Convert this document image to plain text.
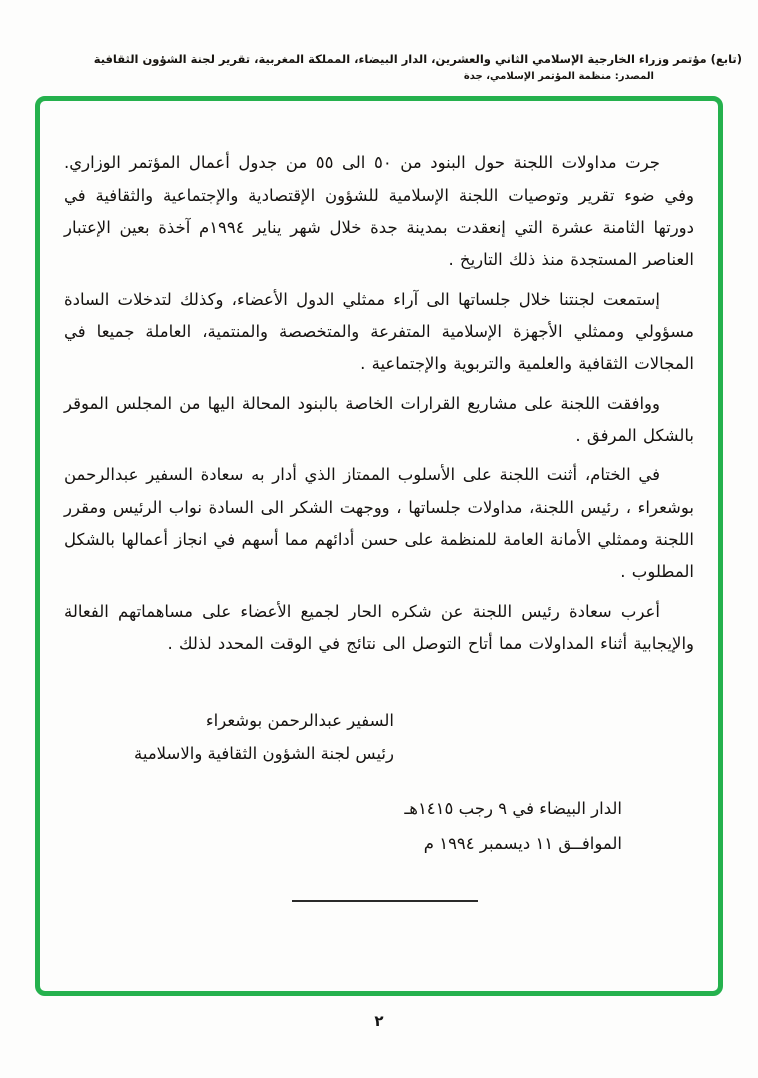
(تابع) مؤتمر وزراء الخارجية الإسلامي الثاني والعشرين، الدار البيضاء، المملكة المغربية، تقرير لجنة الشؤون الثقافية
المصدر: منظمة المؤتمر الإسلامي، جدة

جرت مداولات اللجنة حول البنود من ٥٠ الى ٥٥ من جدول أعمال المؤتمر الوزاري. وفي ضوء تقرير وتوصيات اللجنة الإسلامية للشؤون الإقتصادية والإجتماعية والثقافية في دورتها الثامنة عشرة التي إنعقدت بمدينة جدة خلال شهر يناير ١٩٩٤م آخذة بعين الإعتبار العناصر المستجدة منذ ذلك التاريخ .

إستمعت لجنتنا خلال جلساتها الى آراء ممثلي الدول الأعضاء، وكذلك لتدخلات السادة مسؤولي وممثلي الأجهزة الإسلامية المتفرعة والمتخصصة والمنتمية، العاملة جميعا في المجالات الثقافية والعلمية والتربوية والإجتماعية .

ووافقت اللجنة على مشاريع القرارات الخاصة بالبنود المحالة اليها من المجلس الموقر بالشكل المرفق .

في الختام، أثنت اللجنة على الأسلوب الممتاز الذي أدار به سعادة السفير عبدالرحمن بوشعراء ، رئيس اللجنة، مداولات جلساتها ، ووجهت الشكر الى السادة نواب الرئيس ومقرر اللجنة وممثلي الأمانة العامة للمنظمة على حسن أدائهم مما أسهم في انجاز أعمالها بالشكل المطلوب .

أعرب سعادة رئيس اللجنة عن شكره الحار لجميع الأعضاء على مساهماتهم الفعالة والإيجابية أثناء المداولات مما أتاح التوصل الى نتائج في الوقت المحدد لذلك .

السفير عبدالرحمن بوشعراء
رئيس لجنة الشؤون الثقافية والاسلامية
الدار البيضاء في ٩ رجب ١٤١٥هـ
الموافــق ١١ ديسمبر ١٩٩٤ م
٢
